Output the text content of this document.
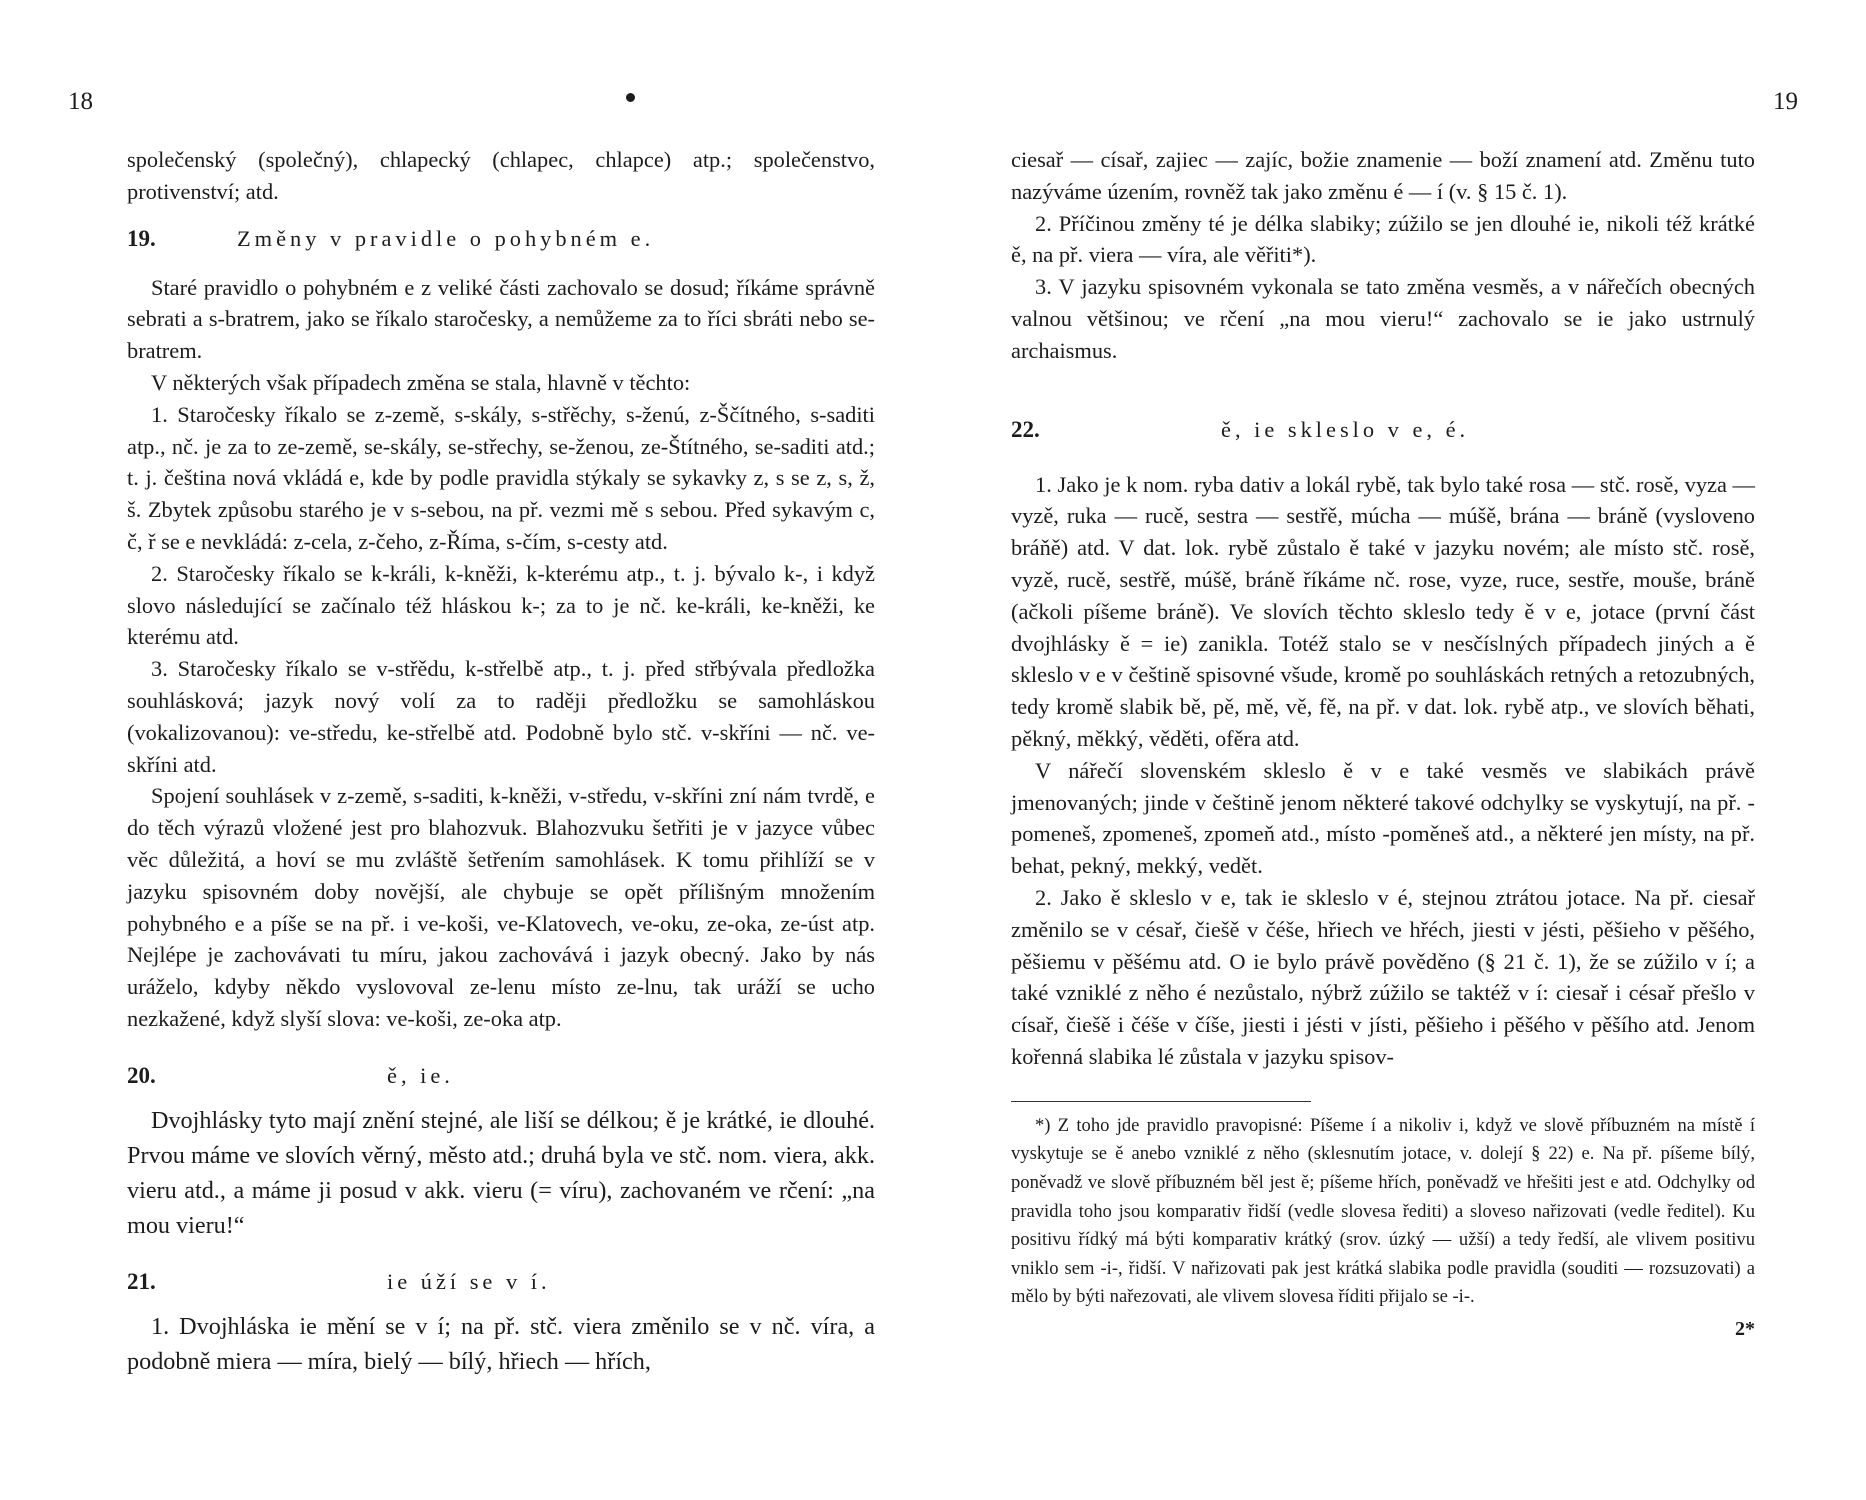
18

společenský (společný), chlapecký (chlapec, chlapce) atp.; společenstvo, protivenství; atd.

19.	Změny v pravidle o pohybném e.

Staré pravidlo o pohybném e z veliké části zachovalo se dosud; říkáme správně sebrati a s-bratrem, jako se říkalo staročesky, a nemůžeme za to říci sbráti nebo se-bratrem.

V některých však případech změna se stala, hlavně v těchto:

1. Staročesky říkalo se z-země, s-skály, s-střěchy, s-ženú, z-Ščítného, s-saditi atp., nč. je za to ze-země, se-skály, se-střechy, se-ženou, ze-Štítného, se-saditi atd.; t. j. čeština nová vkládá e, kde by podle pravidla stýkaly se sykavky z, s se z, s, ž, š. Zbytek způsobu starého je v s-sebou, na př. vezmi mě s sebou. Před sykavým c, č, ř se e nevkládá: z-cela, z-čeho, z-Říma, s-čím, s-cesty atd.

2. Staročesky říkalo se k-králi, k-kněži, k-kterému atp., t. j. bývalo k-, i když slovo následující se začínalo též hláskou k-; za to je nč. ke-králi, ke-kněži, ke kterému atd.

3. Staročesky říkalo se v-střědu, k-střelbě atp., t. j. před střbývala předložka souhlásková; jazyk nový volí za to raději předložku se samohláskou (vokalizovanou): ve-středu, ke-střelbě atd. Podobně bylo stč. v-skříni — nč. ve-skříni atd.

Spojení souhlásek v z-země, s-saditi, k-kněži, v-středu, v-skříni zní nám tvrdě, e do těch výrazů vložené jest pro blahozvuk. Blahozvuku šetřiti je v jazyce vůbec věc důležitá, a hoví se mu zvláště šetřením samohlásek. K tomu přihlíží se v jazyku spisovném doby novější, ale chybuje se opět přílišným množením pohybného e a píše se na př. i ve-koši, ve-Klatovech, ve-oku, ze-oka, ze-úst atp. Nejlépe je zachovávati tu míru, jakou zachovává i jazyk obecný. Jako by nás uráželo, kdyby někdo vyslovoval ze-lenu místo ze-lnu, tak uráží se ucho nezkažené, když slyší slova: ve-koši, ze-oka atp.

20.	ě, ie.

Dvojhlásky tyto mají znění stejné, ale liší se délkou; ě je krátké, ie dlouhé. Prvou máme ve slovích věrný, město atd.; druhá byla ve stč. nom. viera, akk. vieru atd., a máme ji posud v akk. vieru (= víru), zachovaném ve rčení: „na mou vieru!“

21.	ie úží se v í.

1. Dvojhláska ie mění se v í; na př. stč. viera změnilo se v nč. víra, a podobně miera — míra, bielý — bílý, hřiech — hřích,

19

ciesař — císař, zajiec — zajíc, božie znamenie — boží znamení atd. Změnu tuto nazýváme úzením, rovněž tak jako změnu é — í (v. § 15 č. 1).

2. Příčinou změny té je délka slabiky; zúžilo se jen dlouhé ie, nikoli též krátké ě, na př. viera — víra, ale věřiti*).

3. V jazyku spisovném vykonala se tato změna vesměs, a v nářečích obecných valnou většinou; ve rčení „na mou vieru!“ zachovalo se ie jako ustrnulý archaismus.

22.	ě, ie skleslo v e, é.

1. Jako je k nom. ryba dativ a lokál rybě, tak bylo také rosa — stč. rosě, vyza — vyzě, ruka — rucě, sestra — sestřě, múcha — múšě, brána — bráně (vysloveno bráňě) atd. V dat. lok. rybě zůstalo ě také v jazyku novém; ale místo stč. rosě, vyzě, rucě, sestřě, múšě, bráně říkáme nč. rose, vyze, ruce, sestře, mouše, bráně (ačkoli píšeme bráně). Ve slovích těchto skleslo tedy ě v e, jotace (první část dvojhlásky ě = ie) zanikla. Totéž stalo se v nesčíslných případech jiných a ě skleslo v e v češtině spisovné všude, kromě po souhláskách retných a retozubných, tedy kromě slabik bě, pě, mě, vě, fě, na př. v dat. lok. rybě atp., ve slovích běhati, pěkný, měkký, věděti, ofěra atd.

V nářečí slovenském skleslo ě v e také vesměs ve slabikách právě jmenovaných; jinde v češtině jenom některé takové odchylky se vyskytují, na př. -pomeneš, zpomeneš, zpomeň atd., místo -poměneš atd., a některé jen místy, na př. behat, pekný, mekký, vedět.

2. Jako ě skleslo v e, tak ie skleslo v é, stejnou ztrátou jotace. Na př. ciesař změnilo se v césař, čiešě v čéše, hřiech ve hřéch, jiesti v jésti, pěšieho v pěšého, pěšiemu v pěšému atd. O ie bylo právě pověděno (§ 21 č. 1), že se zúžilo v í; a také vzniklé z něho é nezůstalo, nýbrž zúžilo se taktéž v í: ciesař i césař přešlo v císař, čiešě i čéše v číše, jiesti i jésti v jísti, pěšieho i pěšého v pěšího atd. Jenom kořenná slabika lé zůstala v jazyku spisov-

*) Z toho jde pravidlo pravopisné: Píšeme í a nikoliv i, když ve slově příbuzném na místě í vyskytuje se ě anebo vzniklé z něho (sklesnutím jotace, v. dolejí § 22) e. Na př. píšeme bílý, poněvadž ve slově příbuzném běl jest ě; píšeme hřích, poněvadž ve hřešiti jest e atd. Odchylky od pravidla toho jsou komparativ řidší (vedle slovesa řediti) a sloveso nařizovati (vedle ředitel). Ku positivu řídký má býti komparativ krátký (srov. úzký — užší) a tedy ředší, ale vlivem positivu vniklo sem -i-, řidší. V nařizovati pak jest krátká slabika podle pravidla (souditi — rozsuzovati) a mělo by býti nařezovati, ale vlivem slovesa říditi přijalo se -i-.

2*
